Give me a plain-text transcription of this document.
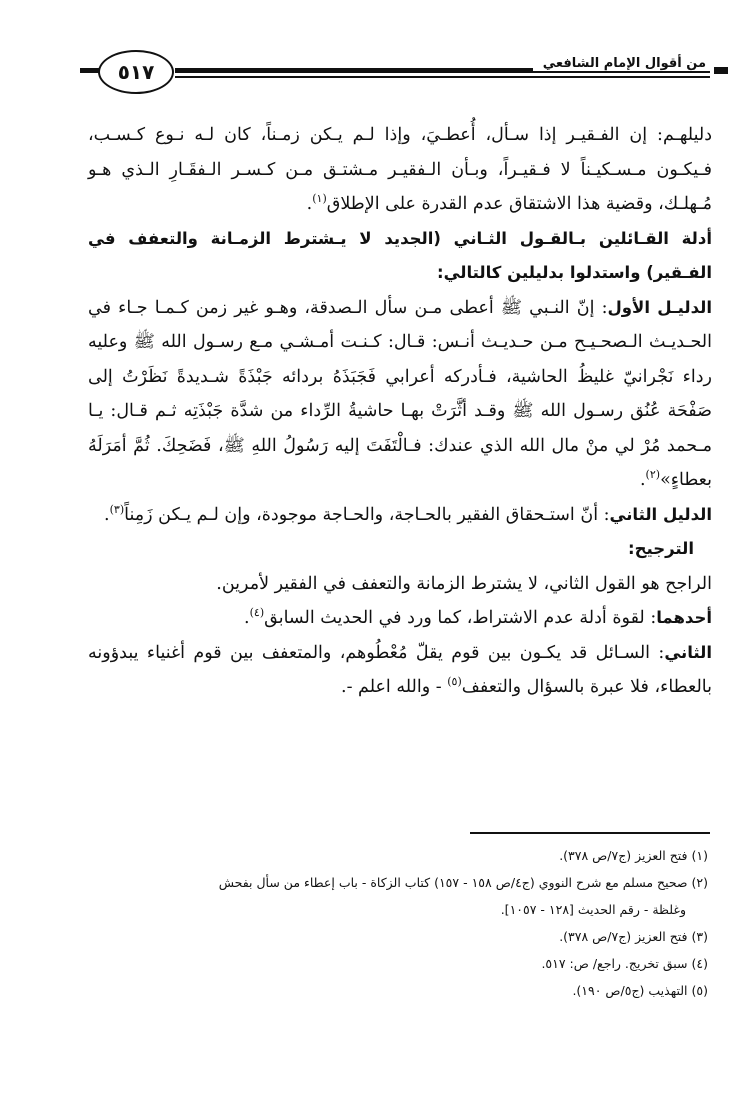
٥١٧	من أقوال الإمام الشافعي

دليلهـم: إن الفـقيـر إذا سـأل، أُعطـيَ، وإذا لـم يـكن زمـناً، كان لـه نـوع كـسـب، فـيكـون مـسـكيـناً لا فـقيـراً، وبـأن الـفقيـر مـشتـق مـن كـسـر الـفقَـارِ الـذي هـو مُـهلـك، وقضية هذا الاشتقاق عدم القدرة على الإطلاق$^{(١)}$.

أدلة القـائلين بـالقـول الثـاني (الجديد لا يـشترط الزمـانة والتعفف في الفـقير) واستدلوا بدليلين كالتالي:

الدليـل الأول: إنّ النـبي ﷺ أعطى مـن سأل الـصدقة، وهـو غير زمن كـمـا جـاء في الحـديـث الـصحـيـح مـن حـديـث أنـس: قـال: كـنـت أمـشـي مـع رسـول الله ﷺ وعليه رداء نَجْرانيّ غليظُ الحاشية، فـأدركه أعرابي فَجَبَذَهُ بردائه جَبْذَةً شـديدةً نَظَرْتُ إلى صَفْحَة عُنُق رسـول الله ﷺ وقـد أثَّرَتْ بهـا حاشيةُ الرِّداء من شدَّة جَبْذَتِه ثـم قـال: يـا مـحمد مُرْ لي منْ مال الله الذي عندك: فـالْتَفَتَ إليه رَسُولُ اللهِ ﷺ، فَضَحِكَ. ثُمَّ أمَرَلَهُ بعطاءٍ»$^{(٢)}$.

الدليل الثاني: أنّ استـحقاق الفقير بالحـاجة، والحـاجة موجودة، وإن لـم يـكن زَمِناً$^{(٣)}$.

الترجيح:

الراجح هو القول الثاني، لا يشترط الزمانة والتعفف في الفقير لأمرين.

أحدهما: لقوة أدلة عدم الاشتراط، كما ورد في الحديث السابق$^{(٤)}$.

الثاني: السـائل قد يكـون بين قوم يقلّ مُعْطُوهم، والمتعفف بين قوم أغنياء يبدؤونه بالعطاء، فلا عبرة بالسؤال والتعفف$^{(٥)}$ - والله اعلم -.

(١) فتح العزيز (ج٧/ص ٣٧٨).

(٢) صحيح مسلم مع شرح النووي (ج٤/ص ١٥٨ - ١٥٧) كتاب الزكاة - باب إعطاء من سأل بفحش

وغلظة - رقم الحديث [١٢٨ - ١٠٥٧].

(٣) فتح العزيز (ج٧/ص ٣٧٨).

(٤) سبق تخريج. راجع/ ص: ٥١٧.

(٥) التهذيب (ج٥/ص ١٩٠).
